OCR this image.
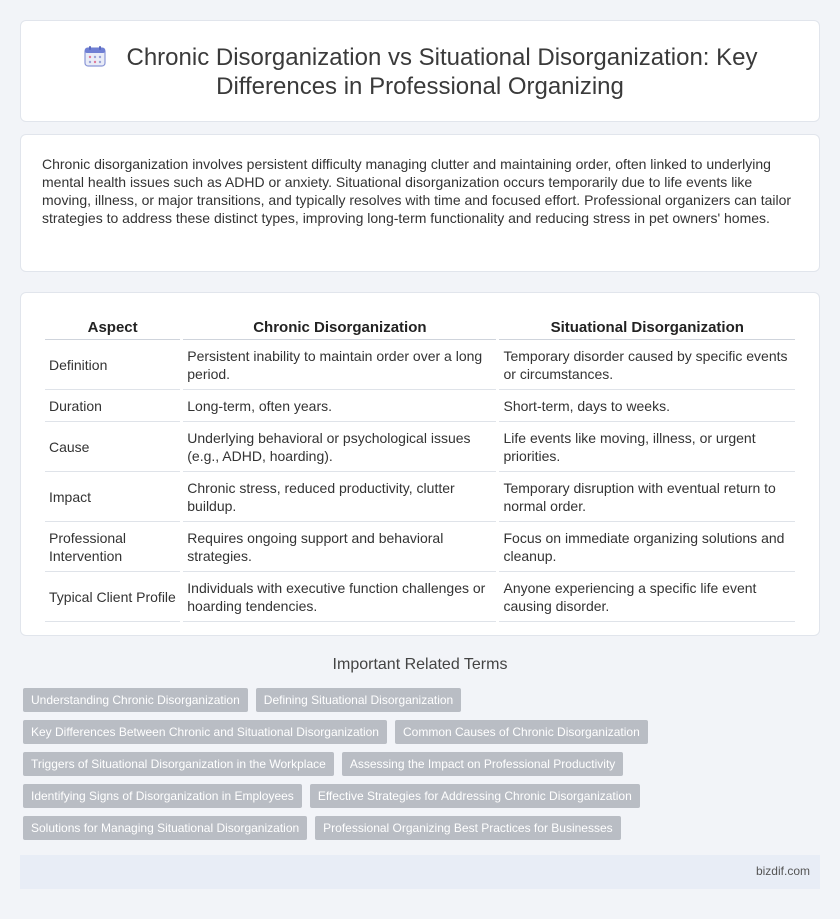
Chronic Disorganization vs Situational Disorganization: Key
Differences in Professional Organizing

Chronic disorganization involves persistent difficulty managing clutter and maintaining order, often linked to underlying mental health issues such as ADHD or anxiety. Situational disorganization occurs temporarily due to life events like moving, illness, or major transitions, and typically resolves with time and focused effort. Professional organizers can tailor strategies to address these distinct types, improving long-term functionality and reducing stress in pet owners' homes.

Aspect	Chronic Disorganization	Situational Disorganization
Definition	Persistent inability to maintain order over a long period.	Temporary disorder caused by specific events or circumstances.
Duration	Long-term, often years.	Short-term, days to weeks.
Cause	Underlying behavioral or psychological issues (e.g., ADHD, hoarding).	Life events like moving, illness, or urgent priorities.
Impact	Chronic stress, reduced productivity, clutter buildup.	Temporary disruption with eventual return to normal order.
Professional Intervention	Requires ongoing support and behavioral strategies.	Focus on immediate organizing solutions and cleanup.
Typical Client Profile	Individuals with executive function challenges or hoarding tendencies.	Anyone experiencing a specific life event causing disorder.
Important Related Terms
Understanding Chronic Disorganization	Defining Situational Disorganization
Key Differences Between Chronic and Situational Disorganization	Common Causes of Chronic Disorganization
Triggers of Situational Disorganization in the Workplace	Assessing the Impact on Professional Productivity
Identifying Signs of Disorganization in Employees	Effective Strategies for Addressing Chronic Disorganization
Solutions for Managing Situational Disorganization	Professional Organizing Best Practices for Businesses
bizdif.com
